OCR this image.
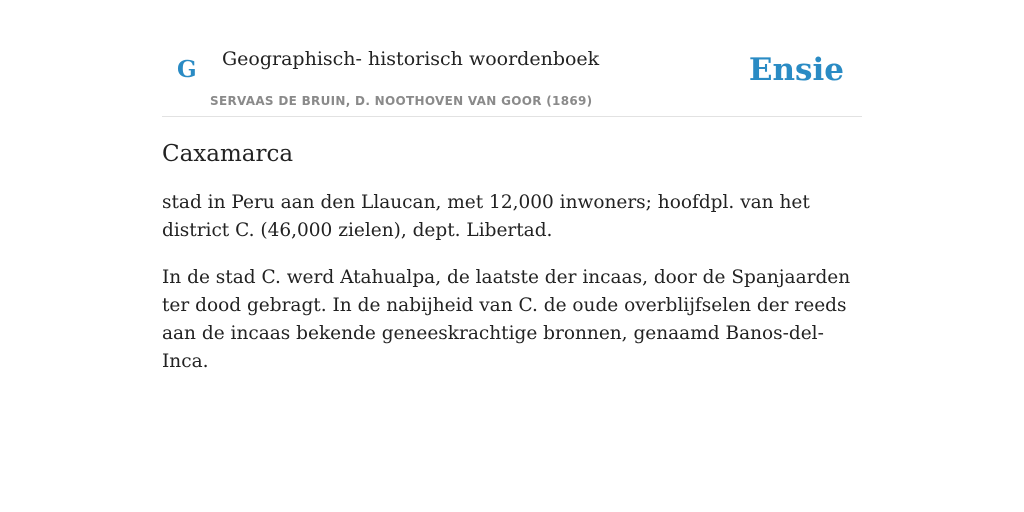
G Geographisch- historisch woordenboek
SERVAAS DE BRUIN, D. NOOTHOVEN VAN GOOR (1869)
Ensie
Caxamarca

stad in Peru aan den Llaucan, met 12,000 inwoners; hoofdpl. van het district C. (46,000 zielen), dept. Libertad.

In de stad C. werd Atahualpa, de laatste der incaas, door de Spanjaarden ter dood gebragt. In de nabijheid van C. de oude overblijfselen der reeds aan de incaas bekende geneeskrachtige bronnen, genaamd Banos-del-Inca.
